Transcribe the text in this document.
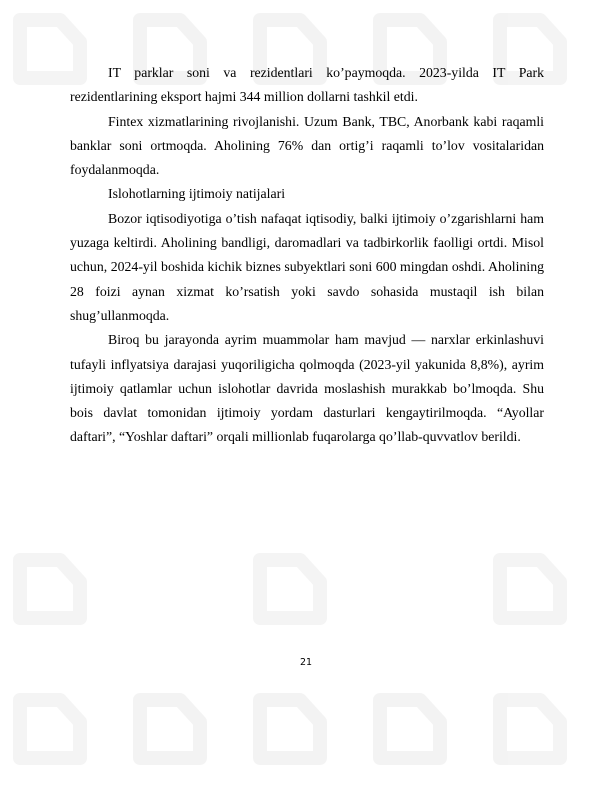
IT parklar soni va rezidentlari ko’paymoqda. 2023-yilda IT Park rezidentlarining eksport hajmi 344 million dollarni tashkil etdi.

Fintex xizmatlarining rivojlanishi. Uzum Bank, TBC, Anorbank kabi raqamli banklar soni ortmoqda. Aholining 76% dan ortig’i raqamli to’lov vositalaridan foydalanmoqda.

Islohotlarning ijtimoiy natijalari

Bozor iqtisodiyotiga o’tish nafaqat iqtisodiy, balki ijtimoiy o’zgarishlarni ham yuzaga keltirdi. Aholining bandligi, daromadlari va tadbirkorlik faolligi ortdi. Misol uchun, 2024-yil boshida kichik biznes subyektlari soni 600 mingdan oshdi. Aholining 28 foizi aynan xizmat ko’rsatish yoki savdo sohasida mustaqil ish bilan shug’ullanmoqda.

Biroq bu jarayonda ayrim muammolar ham mavjud — narxlar erkinlashuvi tufayli inflyatsiya darajasi yuqoriligicha qolmoqda (2023-yil yakunida 8,8%), ayrim ijtimoiy qatlamlar uchun islohotlar davrida moslashish murakkab bo’lmoqda. Shu bois davlat tomonidan ijtimoiy yordam dasturlari kengaytirilmoqda. “Ayollar daftari”, “Yoshlar daftari” orqali millionlab fuqarolarga qo’llab-quvvatlov berildi.

21
